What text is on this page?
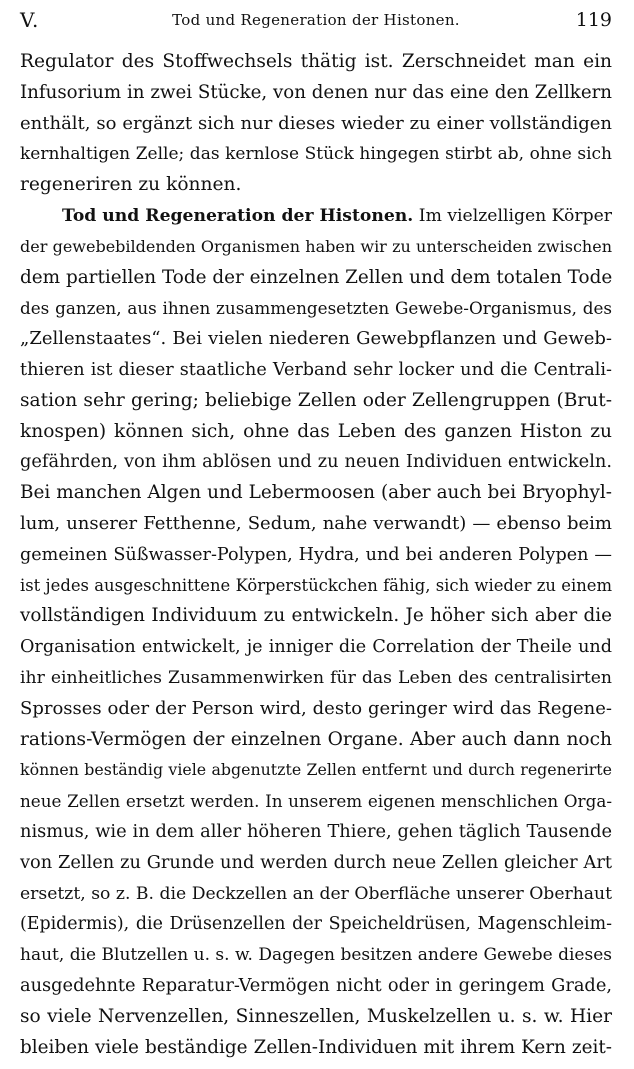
V.	Tod und Regeneration der Histonen.	119
Regulator des Stoffwechsels thätig ist. Zerschneidet man ein
Infusorium in zwei Stücke, von denen nur das eine den Zellkern
enthält, so ergänzt sich nur dieses wieder zu einer vollständigen
kernhaltigen Zelle; das kernlose Stück hingegen stirbt ab, ohne sich
regeneriren zu können.
Tod und Regeneration der Histonen. Im vielzelligen Körper
der gewebebildenden Organismen haben wir zu unterscheiden zwischen
dem partiellen Tode der einzelnen Zellen und dem totalen Tode
des ganzen, aus ihnen zusammengesetzten Gewebe-Organismus, des
„Zellenstaates“. Bei vielen niederen Gewebpflanzen und Geweb-
thieren ist dieser staatliche Verband sehr locker und die Centrali-
sation sehr gering; beliebige Zellen oder Zellengruppen (Brut-
knospen) können sich, ohne das Leben des ganzen Histon zu
gefährden, von ihm ablösen und zu neuen Individuen entwickeln.
Bei manchen Algen und Lebermoosen (aber auch bei Bryophyl-
lum, unserer Fetthenne, Sedum, nahe verwandt) — ebenso beim
gemeinen Süßwasser-Polypen, Hydra, und bei anderen Polypen —
ist jedes ausgeschnittene Körperstückchen fähig, sich wieder zu einem
vollständigen Individuum zu entwickeln. Je höher sich aber die
Organisation entwickelt, je inniger die Correlation der Theile und
ihr einheitliches Zusammenwirken für das Leben des centralisirten
Sprosses oder der Person wird, desto geringer wird das Regene-
rations-Vermögen der einzelnen Organe. Aber auch dann noch
können beständig viele abgenutzte Zellen entfernt und durch regenerirte
neue Zellen ersetzt werden. In unserem eigenen menschlichen Orga-
nismus, wie in dem aller höheren Thiere, gehen täglich Tausende
von Zellen zu Grunde und werden durch neue Zellen gleicher Art
ersetzt, so z. B. die Deckzellen an der Oberfläche unserer Oberhaut
(Epidermis), die Drüsenzellen der Speicheldrüsen, Magenschleim-
haut, die Blutzellen u. s. w. Dagegen besitzen andere Gewebe dieses
ausgedehnte Reparatur-Vermögen nicht oder in geringem Grade,
so viele Nervenzellen, Sinneszellen, Muskelzellen u. s. w. Hier
bleiben viele beständige Zellen-Individuen mit ihrem Kern zeit-
